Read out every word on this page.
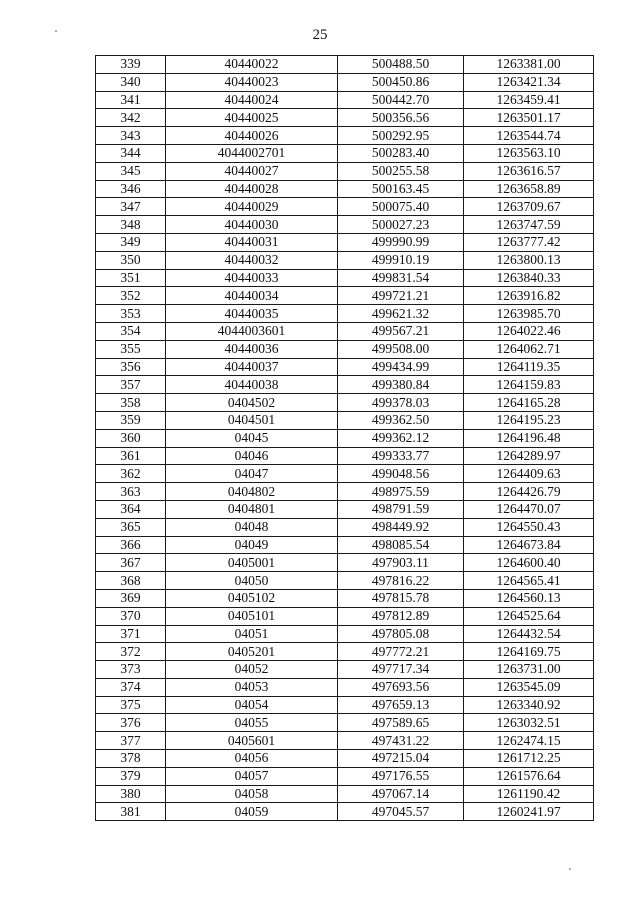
25
339	40440022	500488.50	1263381.00
340	40440023	500450.86	1263421.34
341	40440024	500442.70	1263459.41
342	40440025	500356.56	1263501.17
343	40440026	500292.95	1263544.74
344	4044002701	500283.40	1263563.10
345	40440027	500255.58	1263616.57
346	40440028	500163.45	1263658.89
347	40440029	500075.40	1263709.67
348	40440030	500027.23	1263747.59
349	40440031	499990.99	1263777.42
350	40440032	499910.19	1263800.13
351	40440033	499831.54	1263840.33
352	40440034	499721.21	1263916.82
353	40440035	499621.32	1263985.70
354	4044003601	499567.21	1264022.46
355	40440036	499508.00	1264062.71
356	40440037	499434.99	1264119.35
357	40440038	499380.84	1264159.83
358	0404502	499378.03	1264165.28
359	0404501	499362.50	1264195.23
360	04045	499362.12	1264196.48
361	04046	499333.77	1264289.97
362	04047	499048.56	1264409.63
363	0404802	498975.59	1264426.79
364	0404801	498791.59	1264470.07
365	04048	498449.92	1264550.43
366	04049	498085.54	1264673.84
367	0405001	497903.11	1264600.40
368	04050	497816.22	1264565.41
369	0405102	497815.78	1264560.13
370	0405101	497812.89	1264525.64
371	04051	497805.08	1264432.54
372	0405201	497772.21	1264169.75
373	04052	497717.34	1263731.00
374	04053	497693.56	1263545.09
375	04054	497659.13	1263340.92
376	04055	497589.65	1263032.51
377	0405601	497431.22	1262474.15
378	04056	497215.04	1261712.25
379	04057	497176.55	1261576.64
380	04058	497067.14	1261190.42
381	04059	497045.57	1260241.97
